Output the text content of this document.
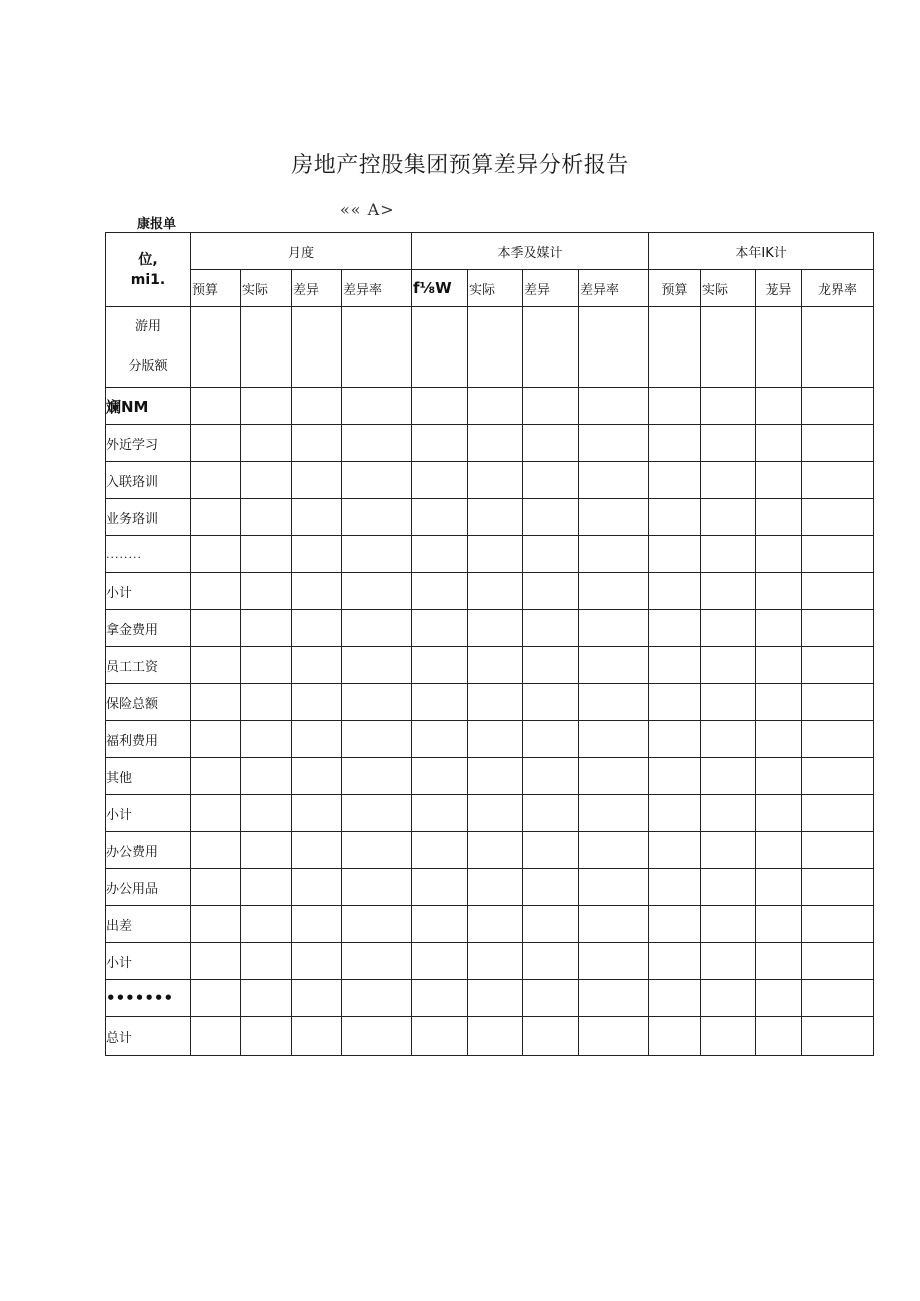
房地产控股集团预算差异分析报告
«« A>
康报单
位,
mi1.	月度				本季及媒计				本年IK计			
	预算	实际	差异	差异率	f⅛W	实际	差异	差异率	预算	实际	茏异	龙界率

游用
分版额												

斓NM												
外近学习												
入联珞训												
业务珞训												
........												
小计												
拿金费用												
员工工资												
保险总额												
福利费用												
其他												
小计												
办公费用												
办公用品												
出差												
小计												
•••••••												
总计												
